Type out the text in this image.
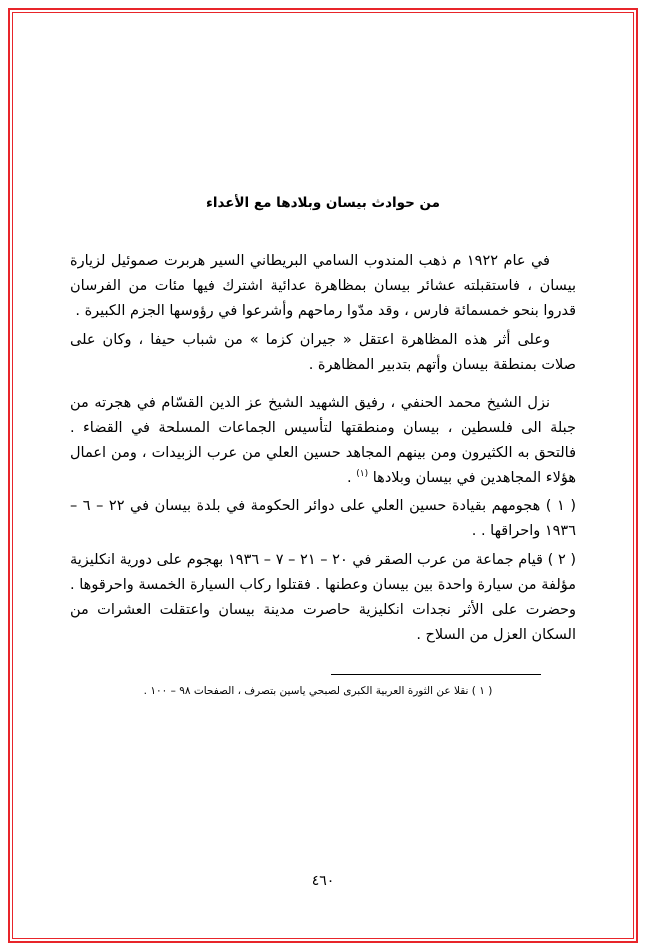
من حوادث بيسان وبلادها مع الأعداء

في عام ١٩٢٢ م ذهب المندوب السامي البريطاني السير هربرت صموئيل لزيارة بيسان ، فاستقبلته عشائر بيسان بمظاهرة عدائية اشترك فيها مئات من الفرسان قدروا بنحو خمسمائة فارس ، وقد مدّوا رماحهم وأشرعوا في رؤوسها الجزم الكبيرة .

وعلى أثر هذه المظاهرة اعتقل « جيران كزما » من شباب حيفا ، وكان على صلات بمنطقة بيسان وأتهم بتدبير المظاهرة .

نزل الشيخ محمد الحنفي ، رفيق الشهيد الشيخ عز الدين القسّام في هجرته من جبلة الى فلسطين ، بيسان ومنطقتها لتأسيس الجماعات المسلحة في القضاء . فالتحق به الكثيرون ومن بينهم المجاهد حسين العلي من عرب الزبيدات ، ومن اعمال هؤلاء المجاهدين في بيسان وبلادها $^{(١)}$ .

( ١ ) هجومهم بقيادة حسين العلي على دوائر الحكومة في بلدة بيسان في ٢٢ – ٦ – ١٩٣٦ واحراقها . .

( ٢ ) قيام جماعة من عرب الصقر في ٢٠ – ٢١ – ٧ – ١٩٣٦ بهجوم على دورية انكليزية مؤلفة من سيارة واحدة بين بيسان وعطنها . فقتلوا ركاب السيارة الخمسة واحرقوها . وحضرت على الأثر نجدات انكليزية حاصرت مدينة بيسان واعتقلت العشرات من السكان العزل من السلاح .

( ١ ) نقلا عن الثورة العربية الكبرى لصبحي ياسين بتصرف ، الصفحات ٩٨ – ١٠٠ .

٤٦٠
